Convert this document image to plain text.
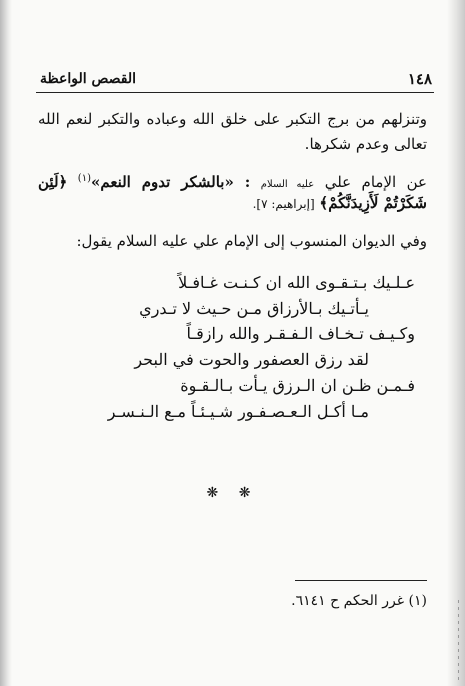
١٤٨
القصص الواعظة
وتنزلهم من برج التكبر على خلق الله وعباده والتكبر لنعم الله
تعالى وعدم شكرها.
عن الإمام علي عليه السلام : «بالشكر تدوم النعم»$^{(١)}$ ﴿لَئِن
شَكَرْتُمْ لَأَزِيدَنَّكُمْ﴾ [إبراهيم: ٧].
وفي الديوان المنسوب إلى الإمام علي عليه السلام يقول:
عـلـيك بـتـقـوى الله ان كـنـت غـافـلاً
يـأتـيك بـالأرزاق مـن حـيث لا تـدري
وكـيـف تـخـاف الـفـقـر والله رازقـاً
لقد رزق العصفور والحوت في البحر
فـمـن ظـن ان الـرزق يـأت بـالـقـوة
مـا أكـل الـعـصـفـور شـيـئـاً مـع الـنـسـر
❋ ❋
(١) غرر الحكم ح ٦١٤١.
